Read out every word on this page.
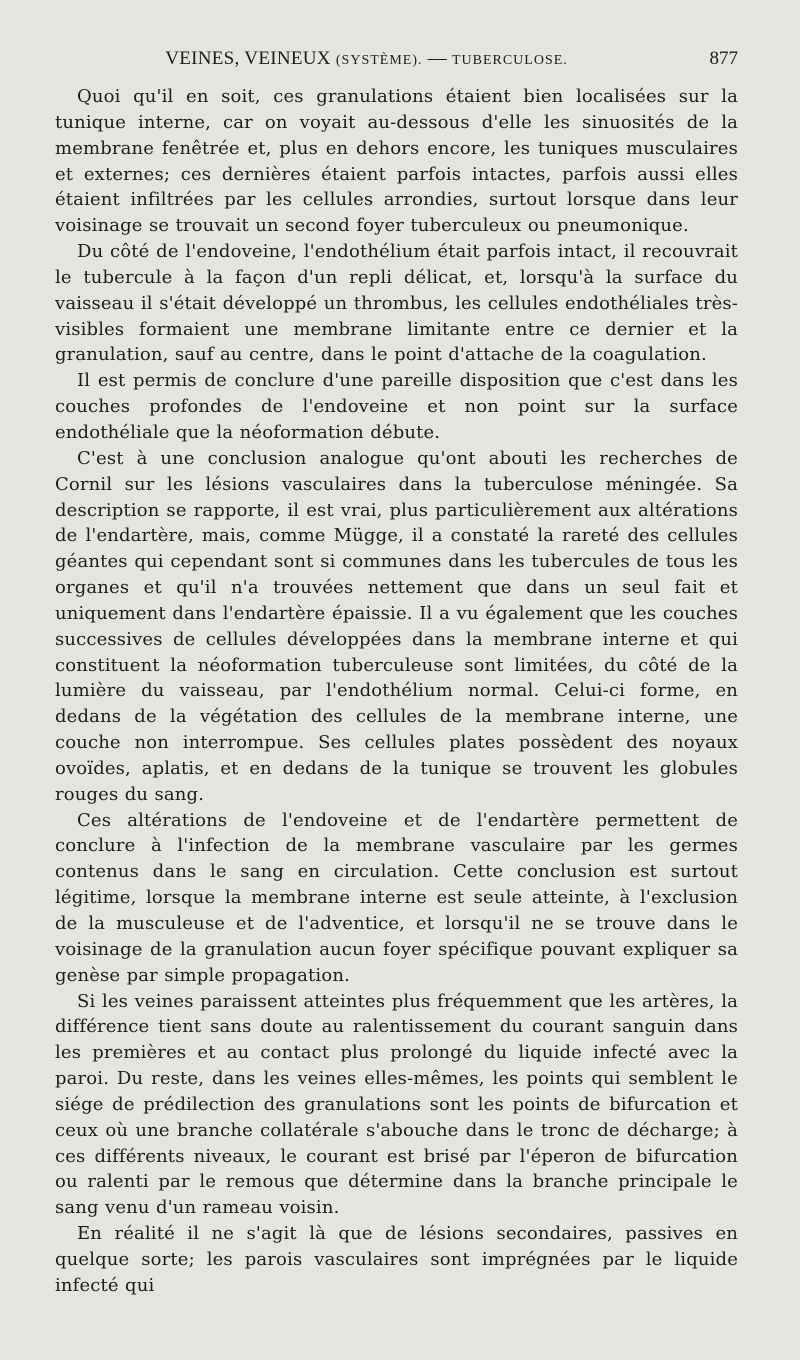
VEINES, VEINEUX (SYSTÈME). — TUBERCULOSE.	877

Quoi qu'il en soit, ces granulations étaient bien localisées sur la tunique interne, car on voyait au-dessous d'elle les sinuosités de la membrane fenêtrée et, plus en dehors encore, les tuniques musculaires et externes; ces dernières étaient parfois intactes, parfois aussi elles étaient infiltrées par les cellules arrondies, surtout lorsque dans leur voisinage se trouvait un second foyer tuberculeux ou pneumonique.

Du côté de l'endoveine, l'endothélium était parfois intact, il recouvrait le tubercule à la façon d'un repli délicat, et, lorsqu'à la surface du vaisseau il s'était développé un thrombus, les cellules endothéliales très-visibles formaient une membrane limitante entre ce dernier et la granulation, sauf au centre, dans le point d'attache de la coagulation.

Il est permis de conclure d'une pareille disposition que c'est dans les couches profondes de l'endoveine et non point sur la surface endothéliale que la néoformation débute.

C'est à une conclusion analogue qu'ont abouti les recherches de Cornil sur les lésions vasculaires dans la tuberculose méningée. Sa description se rapporte, il est vrai, plus particulièrement aux altérations de l'endartère, mais, comme Mügge, il a constaté la rareté des cellules géantes qui cependant sont si communes dans les tubercules de tous les organes et qu'il n'a trouvées nettement que dans un seul fait et uniquement dans l'endartère épaissie. Il a vu également que les couches successives de cellules développées dans la membrane interne et qui constituent la néoformation tuberculeuse sont limitées, du côté de la lumière du vaisseau, par l'endothélium normal. Celui-ci forme, en dedans de la végétation des cellules de la membrane interne, une couche non interrompue. Ses cellules plates possèdent des noyaux ovoïdes, aplatis, et en dedans de la tunique se trouvent les globules rouges du sang.

Ces altérations de l'endoveine et de l'endartère permettent de conclure à l'infection de la membrane vasculaire par les germes contenus dans le sang en circulation. Cette conclusion est surtout légitime, lorsque la membrane interne est seule atteinte, à l'exclusion de la musculeuse et de l'adventice, et lorsqu'il ne se trouve dans le voisinage de la granulation aucun foyer spécifique pouvant expliquer sa genèse par simple propagation.

Si les veines paraissent atteintes plus fréquemment que les artères, la différence tient sans doute au ralentissement du courant sanguin dans les premières et au contact plus prolongé du liquide infecté avec la paroi. Du reste, dans les veines elles-mêmes, les points qui semblent le siége de prédilection des granulations sont les points de bifurcation et ceux où une branche collatérale s'abouche dans le tronc de décharge; à ces différents niveaux, le courant est brisé par l'éperon de bifurcation ou ralenti par le remous que détermine dans la branche principale le sang venu d'un rameau voisin.

En réalité il ne s'agit là que de lésions secondaires, passives en quelque sorte; les parois vasculaires sont imprégnées par le liquide infecté qui
